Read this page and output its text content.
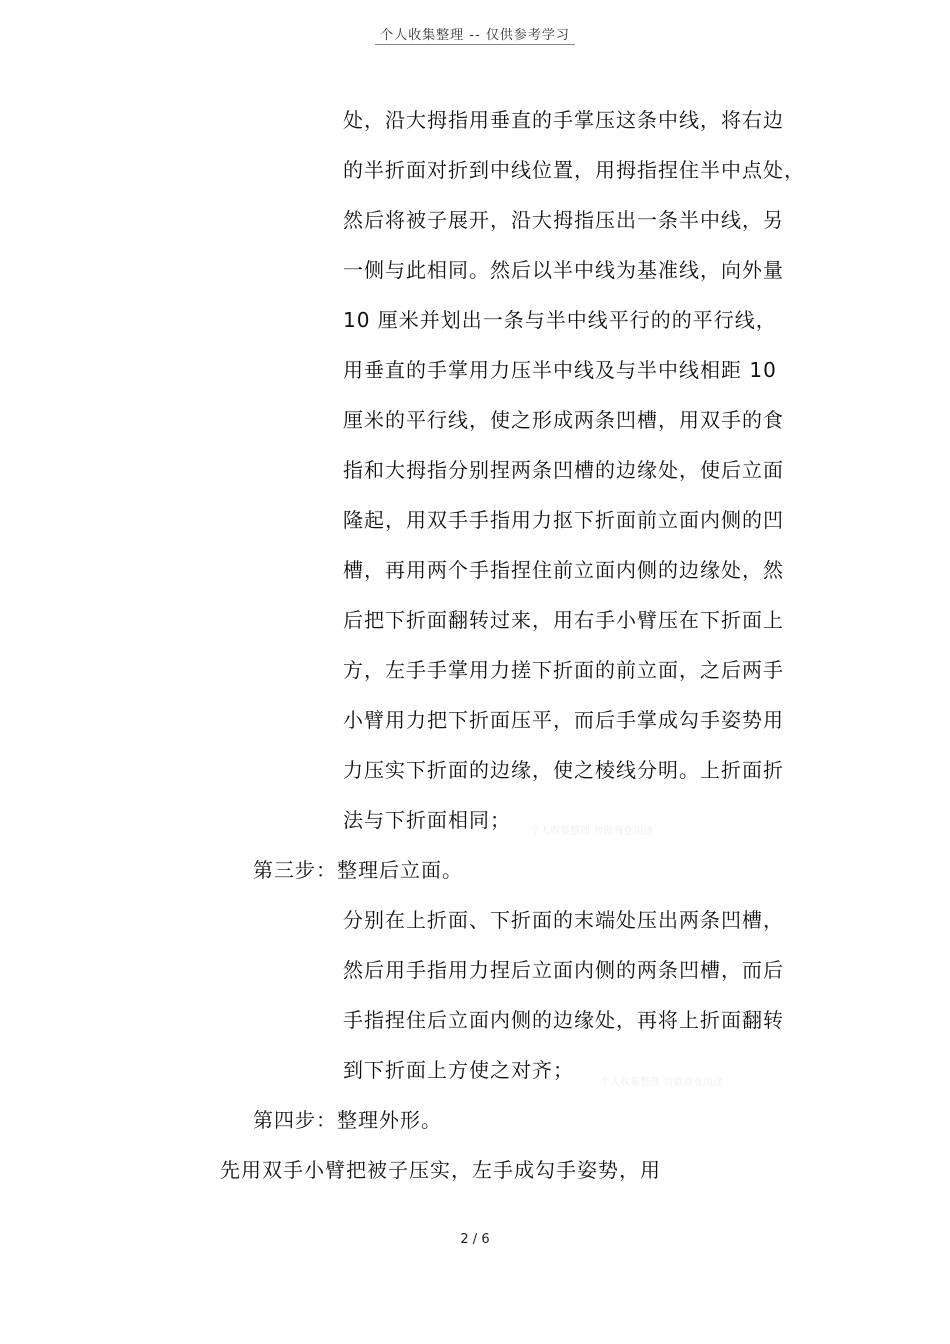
个人收集整理 -- 仅供参考学习
处，沿大拇指用垂直的手掌压这条中线，将右边
的半折面对折到中线位置，用拇指捏住半中点处，
然后将被子展开，沿大拇指压出一条半中线，另
一侧与此相同。然后以半中线为基准线，向外量
10 厘米并划出一条与半中线平行的的平行线，
用垂直的手掌用力压半中线及与半中线相距 10
厘米的平行线，使之形成两条凹槽，用双手的食
指和大拇指分别捏两条凹槽的边缘处，使后立面
隆起，用双手手指用力抠下折面前立面内侧的凹
槽，再用两个手指捏住前立面内侧的边缘处，然
后把下折面翻转过来，用右手小臂压在下折面上
方，左手手掌用力搓下折面的前立面，之后两手
小臂用力把下折面压平，而后手掌成勾手姿势用
力压实下折面的边缘，使之棱线分明。上折面折
法与下折面相同； 个人收集整理 勿做商业用途
第三步：整理后立面。
分别在上折面、下折面的末端处压出两条凹槽，
然后用手指用力捏后立面内侧的两条凹槽，而后
手指捏住后立面内侧的边缘处，再将上折面翻转
到下折面上方使之对齐；
个人收集整理 勿做商业用途
第四步：整理外形。
先用双手小臂把被子压实，左手成勾手姿势，用
2 / 6
